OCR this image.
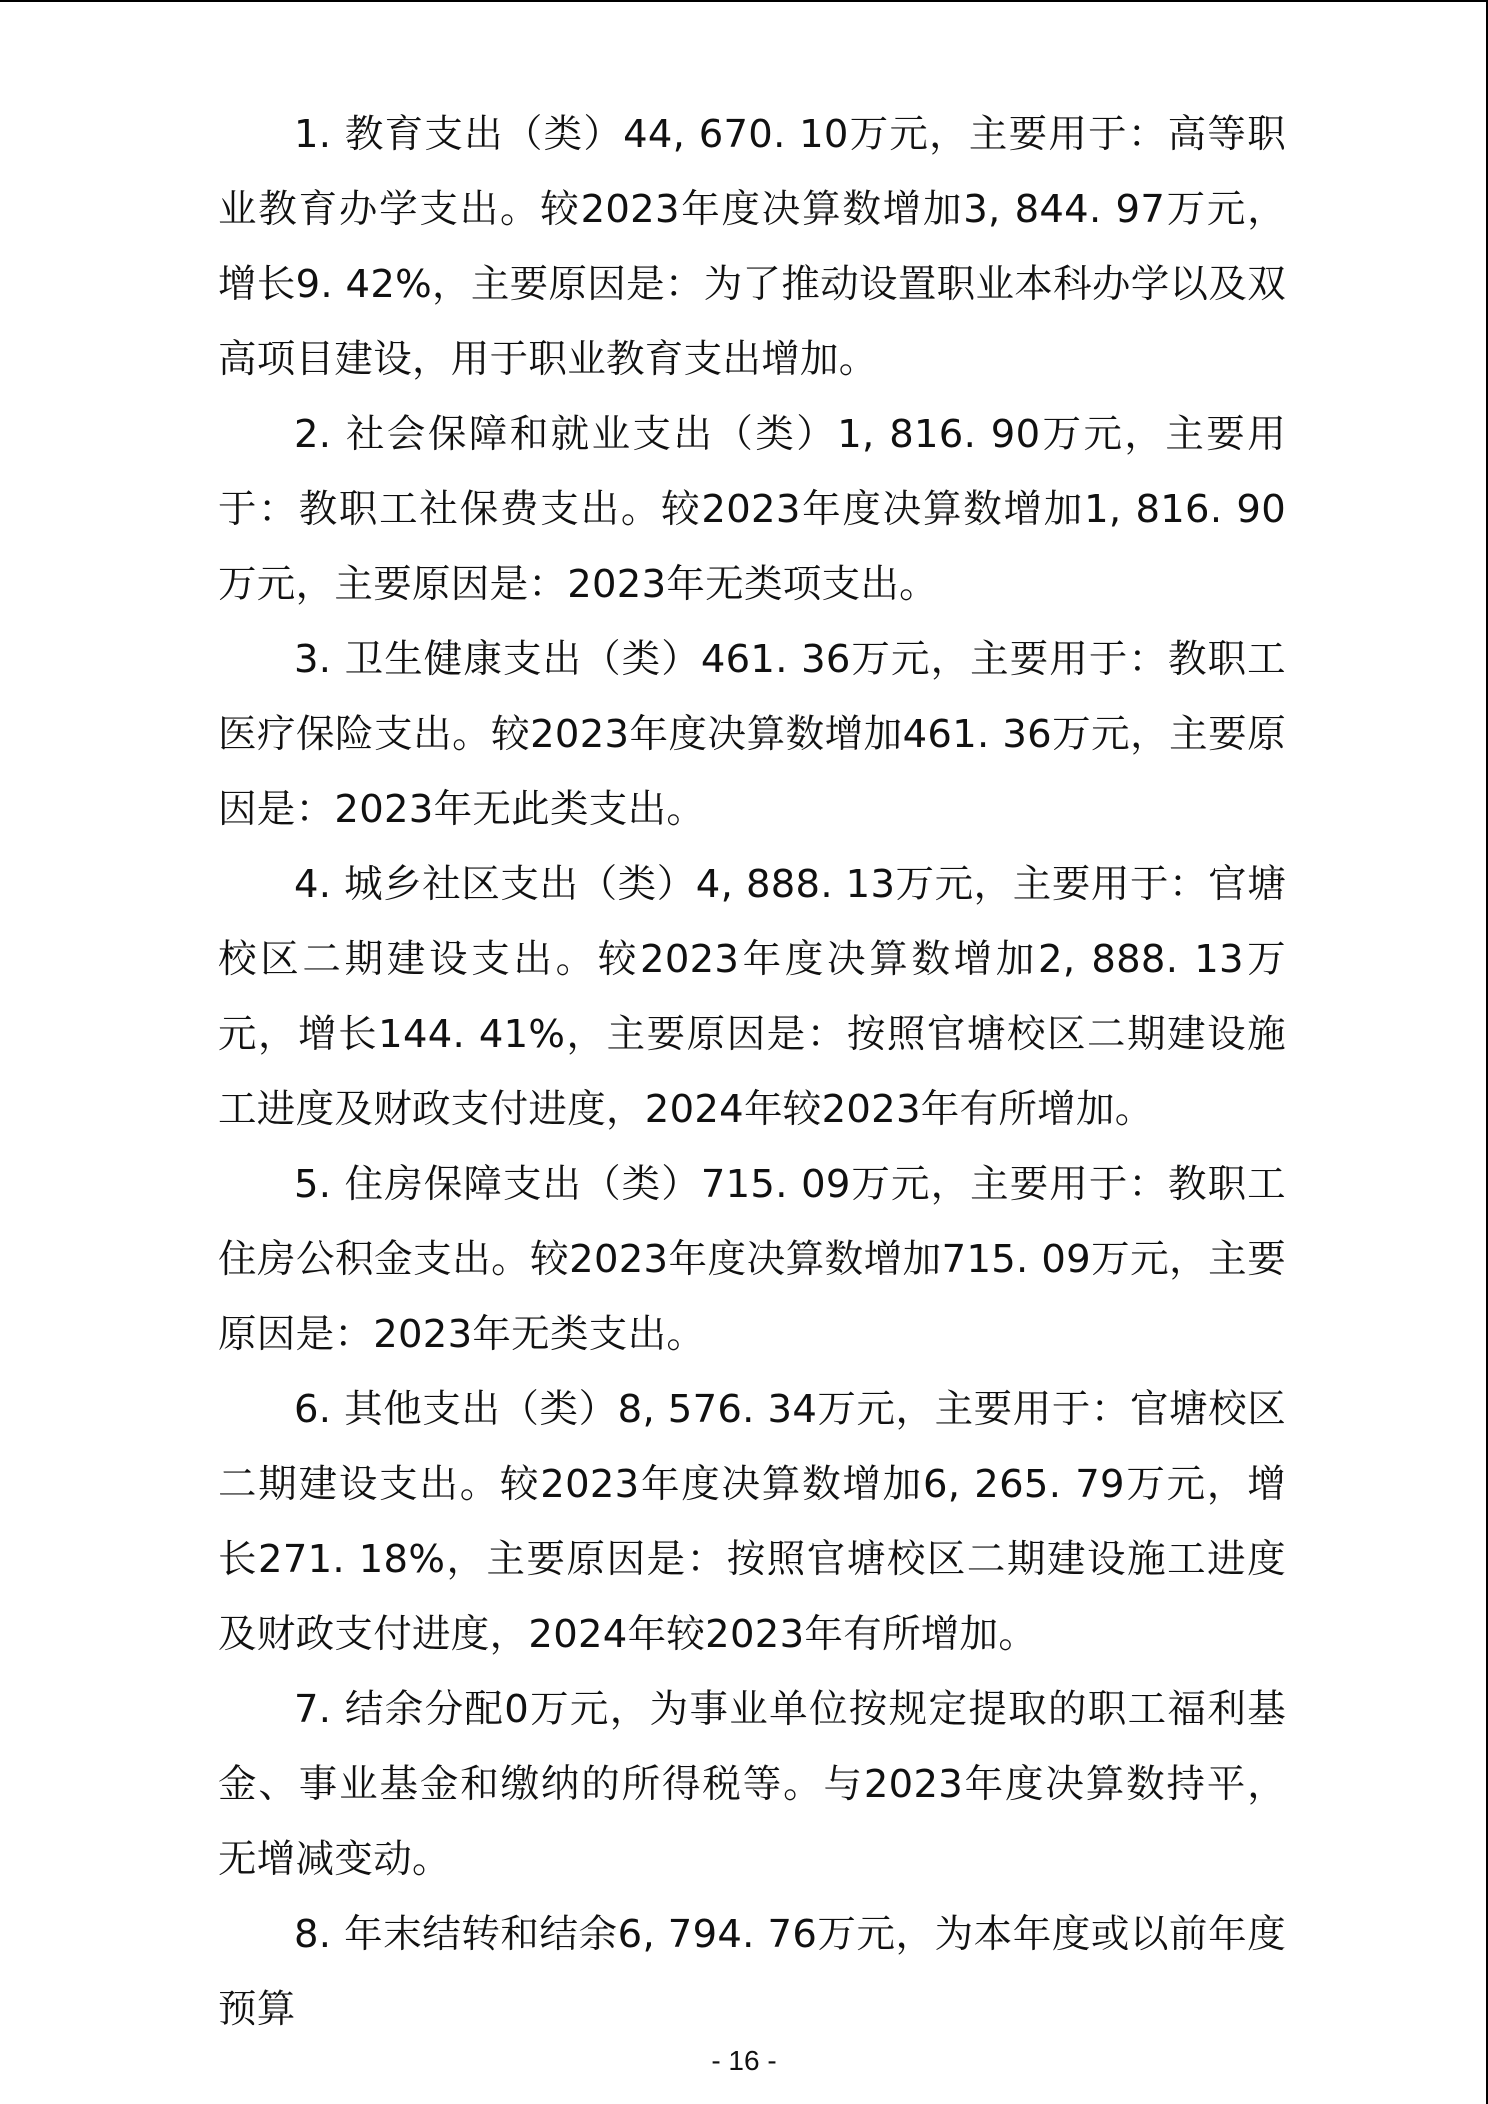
1. 教育支出（类）44, 670. 10万元，主要用于：高等职业教育办学支出。较2023年度决算数增加3, 844. 97万元，增长9. 42%，主要原因是：为了推动设置职业本科办学以及双高项目建设，用于职业教育支出增加。

2. 社会保障和就业支出（类）1, 816. 90万元，主要用于：教职工社保费支出。较2023年度决算数增加1, 816. 90万元，主要原因是：2023年无类项支出。

3. 卫生健康支出（类）461. 36万元，主要用于：教职工医疗保险支出。较2023年度决算数增加461. 36万元，主要原因是：2023年无此类支出。

4. 城乡社区支出（类）4, 888. 13万元，主要用于：官塘校区二期建设支出。较2023年度决算数增加2, 888. 13万元，增长144. 41%，主要原因是：按照官塘校区二期建设施工进度及财政支付进度，2024年较2023年有所增加。

5. 住房保障支出（类）715. 09万元，主要用于：教职工住房公积金支出。较2023年度决算数增加715. 09万元，主要原因是：2023年无类支出。

6. 其他支出（类）8, 576. 34万元，主要用于：官塘校区二期建设支出。较2023年度决算数增加6, 265. 79万元，增长271. 18%，主要原因是：按照官塘校区二期建设施工进度及财政支付进度，2024年较2023年有所增加。

7. 结余分配0万元，为事业单位按规定提取的职工福利基金、事业基金和缴纳的所得税等。与2023年度决算数持平，无增减变动。

8. 年末结转和结余6, 794. 76万元，为本年度或以前年度预算

- 16 -
